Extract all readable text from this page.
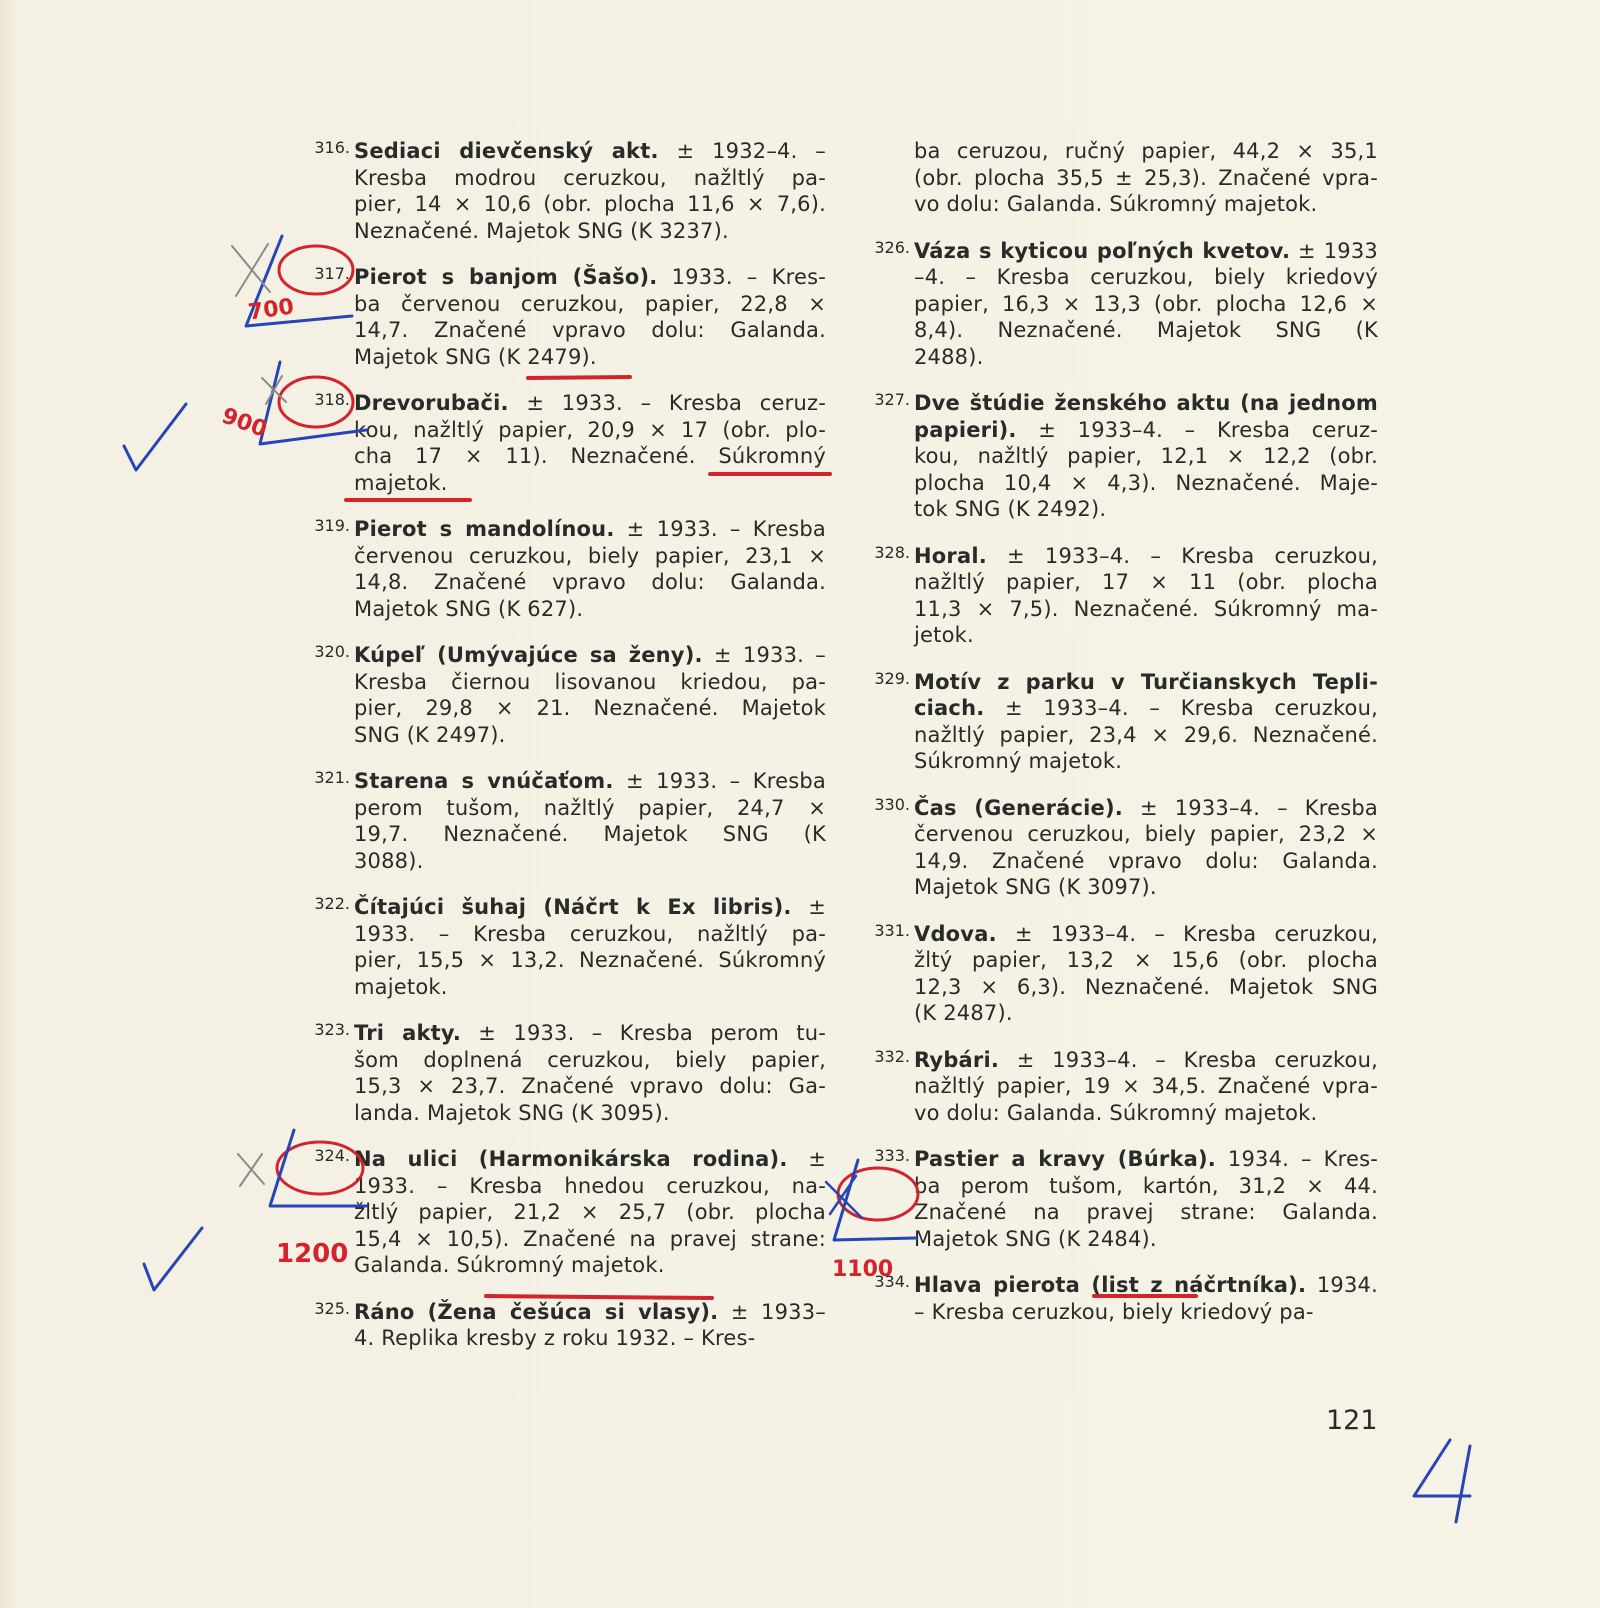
316. Sediaci dievčenský akt. ± 1932–4. –
Kresba modrou ceruzkou, nažltlý pa-
pier, 14 × 10,6 (obr. plocha 11,6 × 7,6).
Neznačené. Majetok SNG (K 3237).
317. Pierot s banjom (Šašo). 1933. – Kres-
ba červenou ceruzkou, papier, 22,8 ×
14,7. Značené vpravo dolu: Galanda.
Majetok SNG (K 2479).
318. Drevorubači. ± 1933. – Kresba ceruz-
kou, nažltlý papier, 20,9 × 17 (obr. plo-
cha 17 × 11). Neznačené. Súkromný
majetok.
319. Pierot s mandolínou. ± 1933. – Kresba
červenou ceruzkou, biely papier, 23,1 ×
14,8. Značené vpravo dolu: Galanda.
Majetok SNG (K 627).
320. Kúpeľ (Umývajúce sa ženy). ± 1933. –
Kresba čiernou lisovanou kriedou, pa-
pier, 29,8 × 21. Neznačené. Majetok
SNG (K 2497).
321. Starena s vnúčaťom. ± 1933. – Kresba
perom tušom, nažltlý papier, 24,7 ×
19,7. Neznačené. Majetok SNG (K
3088).
322. Čítajúci šuhaj (Náčrt k Ex libris). ±
1933. – Kresba ceruzkou, nažltlý pa-
pier, 15,5 × 13,2. Neznačené. Súkromný
majetok.
323. Tri akty. ± 1933. – Kresba perom tu-
šom doplnená ceruzkou, biely papier,
15,3 × 23,7. Značené vpravo dolu: Ga-
landa. Majetok SNG (K 3095).
324. Na ulici (Harmonikárska rodina). ±
1933. – Kresba hnedou ceruzkou, na-
žltlý papier, 21,2 × 25,7 (obr. plocha
15,4 × 10,5). Značené na pravej strane:
Galanda. Súkromný majetok.
325. Ráno (Žena češúca si vlasy). ± 1933–
4. Replika kresby z roku 1932. – Kres-
ba ceruzou, ručný papier, 44,2 × 35,1
(obr. plocha 35,5 ± 25,3). Značené vpra-
vo dolu: Galanda. Súkromný majetok.
326. Váza s kyticou poľných kvetov. ± 1933
–4. – Kresba ceruzkou, biely kriedový
papier, 16,3 × 13,3 (obr. plocha 12,6 ×
8,4). Neznačené. Majetok SNG (K
2488).
327. Dve štúdie ženského aktu (na jednom
papieri). ± 1933–4. – Kresba ceruz-
kou, nažltlý papier, 12,1 × 12,2 (obr.
plocha 10,4 × 4,3). Neznačené. Maje-
tok SNG (K 2492).
328. Horal. ± 1933–4. – Kresba ceruzkou,
nažltlý papier, 17 × 11 (obr. plocha
11,3 × 7,5). Neznačené. Súkromný ma-
jetok.
329. Motív z parku v Turčianskych Tepli-
ciach. ± 1933–4. – Kresba ceruzkou,
nažltlý papier, 23,4 × 29,6. Neznačené.
Súkromný majetok.
330. Čas (Generácie). ± 1933–4. – Kresba
červenou ceruzkou, biely papier, 23,2 ×
14,9. Značené vpravo dolu: Galanda.
Majetok SNG (K 3097).
331. Vdova. ± 1933–4. – Kresba ceruzkou,
žltý papier, 13,2 × 15,6 (obr. plocha
12,3 × 6,3). Neznačené. Majetok SNG
(K 2487).
332. Rybári. ± 1933–4. – Kresba ceruzkou,
nažltlý papier, 19 × 34,5. Značené vpra-
vo dolu: Galanda. Súkromný majetok.
333. Pastier a kravy (Búrka). 1934. – Kres-
ba perom tušom, kartón, 31,2 × 44.
Značené na pravej strane: Galanda.
Majetok SNG (K 2484).
334. Hlava pierota (list z náčrtníka). 1934.
– Kresba ceruzkou, biely kriedový pa-
121
700
900
1200
1100
